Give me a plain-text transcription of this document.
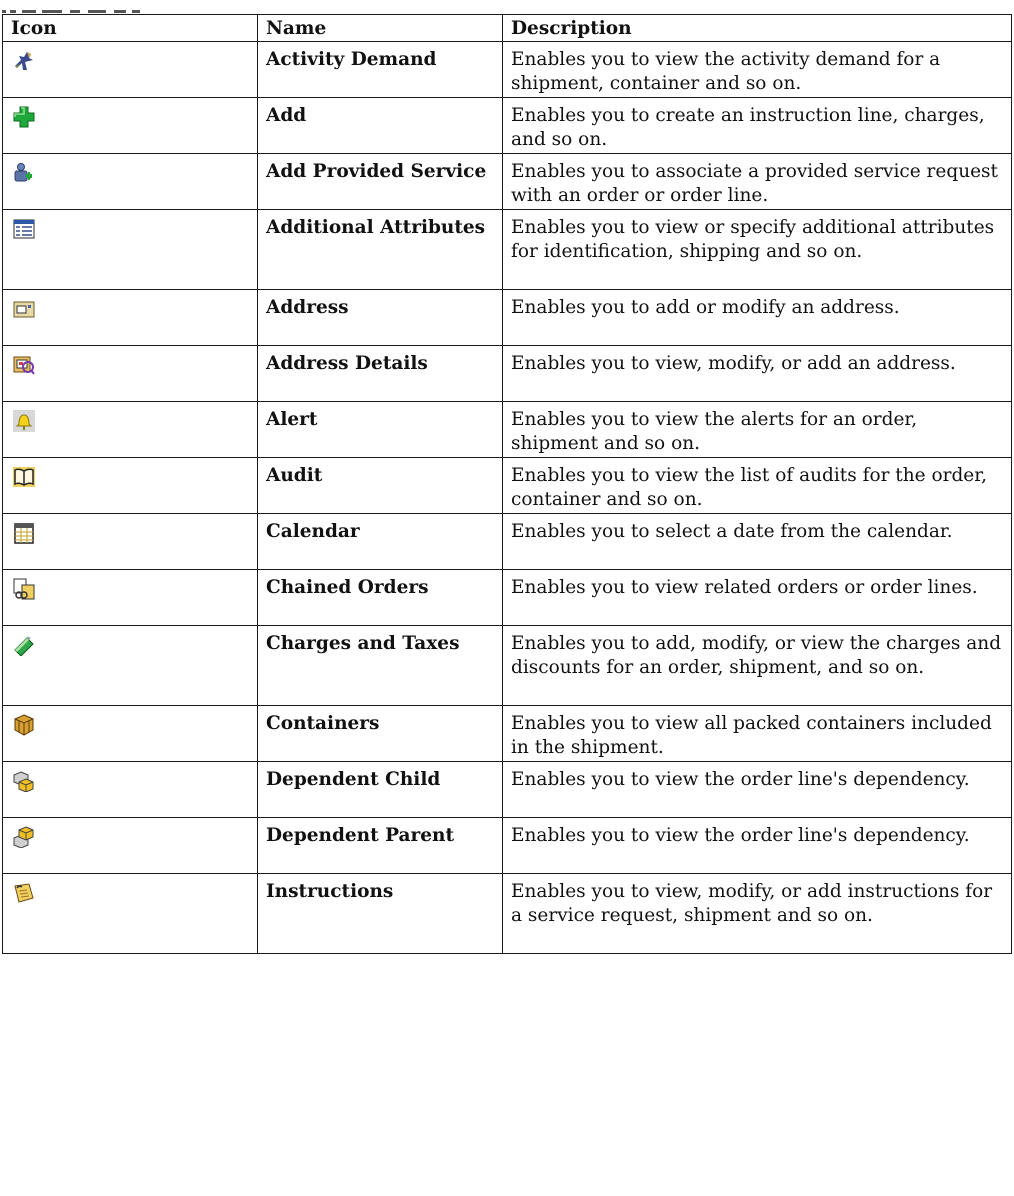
Icon	Name	Description

	Activity Demand	Enables you to view the activity demand for a shipment, container and so on.

	Add	Enables you to create an instruction line, charges, and so on.

	Add Provided Service	Enables you to associate a provided service request with an order or order line.

	Additional Attributes	Enables you to view or specify additional attributes for identification, shipping and so on.

	Address	Enables you to add or modify an address.

	Address Details	Enables you to view, modify, or add an address.

	Alert	Enables you to view the alerts for an order, shipment and so on.

	Audit	Enables you to view the list of audits for the order, container and so on.

	Calendar	Enables you to select a date from the calendar.

	Chained Orders	Enables you to view related orders or order lines.

	Charges and Taxes	Enables you to add, modify, or view the charges and discounts for an order, shipment, and so on.

	Containers	Enables you to view all packed containers included in the shipment.

	Dependent Child	Enables you to view the order line's dependency.

	Dependent Parent	Enables you to view the order line's dependency.

	Instructions	Enables you to view, modify, or add instructions for a service request, shipment and so on.
